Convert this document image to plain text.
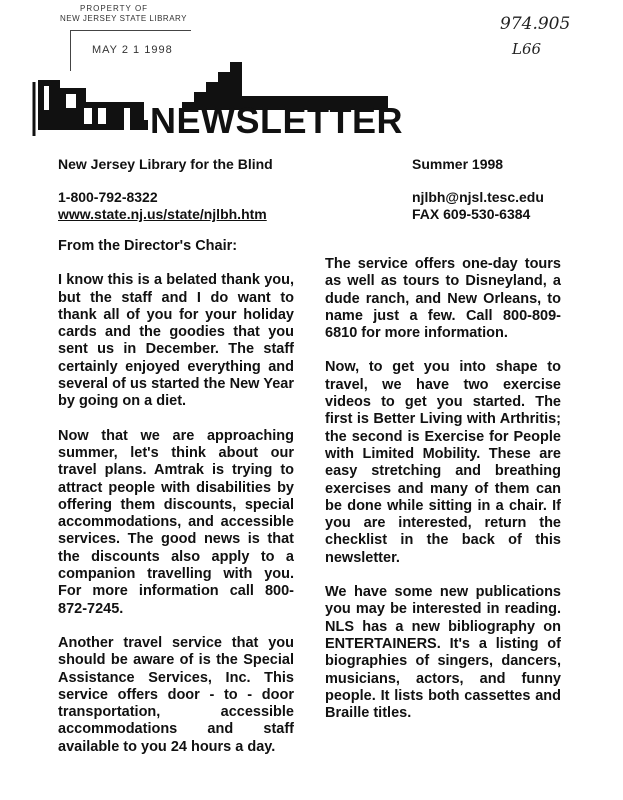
PROPERTY OF
NEW JERSEY STATE LIBRARY
MAY 2 1 1998
974.905
L66
NEWSLETTER
New Jersey Library for the Blind	Summer 1998
1-800-792-8322	njlbh@njsl.tesc.edu
www.state.nj.us/state/njlbh.htm	FAX 609-530-6384

From the Director's Chair:

I know this is a belated thank you, but the staff and I do want to thank all of you for your holiday cards and the goodies that you sent us in December. The staff certainly enjoyed everything and several of us started the New Year by going on a diet.

Now that we are approaching summer, let's think about our travel plans. Amtrak is trying to attract people with disabilities by offering them discounts, special accommodations, and accessible services. The good news is that the discounts also apply to a companion travelling with you. For more information call 800-872-7245.

Another travel service that you should be aware of is the Special Assistance Services, Inc. This service offers door - to - door transportation, accessible accommodations and staff available to you 24 hours a day.

The service offers one-day tours as well as tours to Disneyland, a dude ranch, and New Orleans, to name just a few. Call 800-809-6810 for more information.

Now, to get you into shape to travel, we have two exercise videos to get you started. The first is Better Living with Arthritis; the second is Exercise for People with Limited Mobility. These are easy stretching and breathing exercises and many of them can be done while sitting in a chair. If you are interested, return the checklist in the back of this newsletter.

We have some new publications you may be interested in reading. NLS has a new bibliography on ENTERTAINERS. It's a listing of biographies of singers, dancers, musicians, actors, and funny people. It lists both cassettes and Braille titles.
